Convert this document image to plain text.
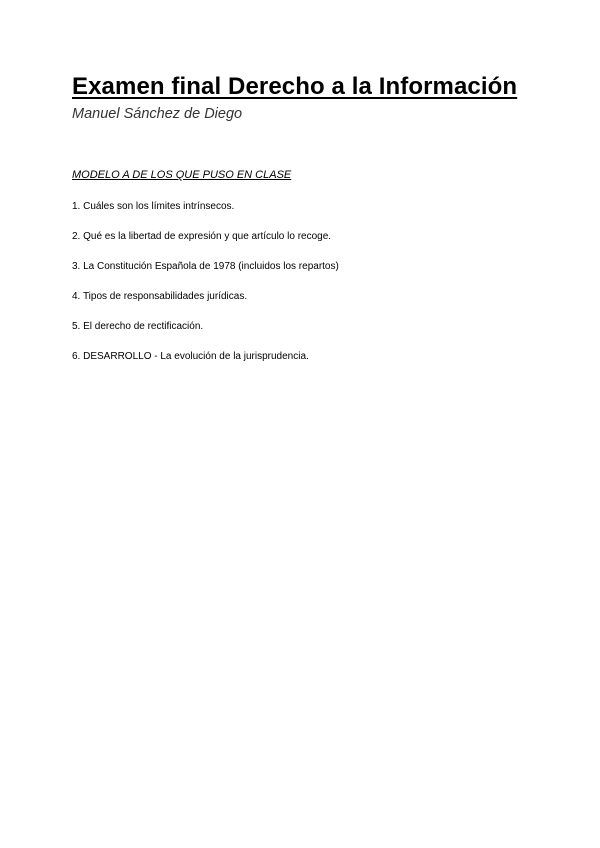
Examen final Derecho a la Información

Manuel Sánchez de Diego

MODELO A DE LOS QUE PUSO EN CLASE

1. Cuáles son los límites intrínsecos.
2. Qué es la libertad de expresión y que artículo lo recoge.
3. La Constitución Española de 1978 (incluidos los repartos)
4. Tipos de responsabilidades jurídicas.
5. El derecho de rectificación.
6. DESARROLLO - La evolución de la jurisprudencia.
